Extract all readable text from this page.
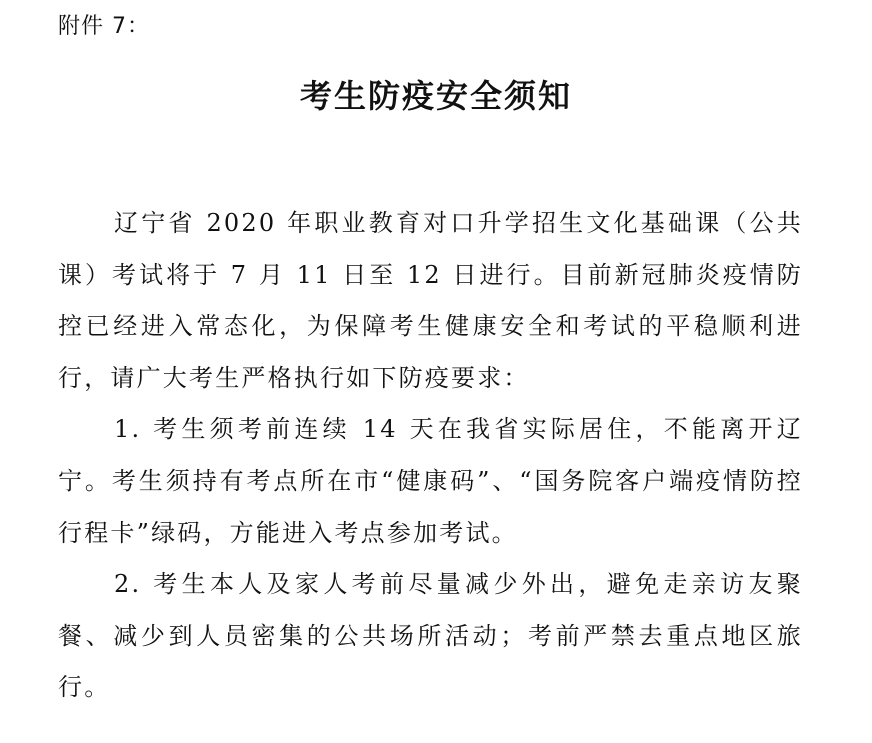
附件 7：
考生防疫安全须知

辽宁省 2020 年职业教育对口升学招生文化基础课（公共课）考试将于 7 月 11 日至 12 日进行。目前新冠肺炎疫情防控已经进入常态化，为保障考生健康安全和考试的平稳顺利进行，请广大考生严格执行如下防疫要求：

1. 考生须考前连续 14 天在我省实际居住，不能离开辽宁。考生须持有考点所在市“健康码”、“国务院客户端疫情防控行程卡”绿码，方能进入考点参加考试。

2. 考生本人及家人考前尽量减少外出，避免走亲访友聚餐、减少到人员密集的公共场所活动；考前严禁去重点地区旅行。
